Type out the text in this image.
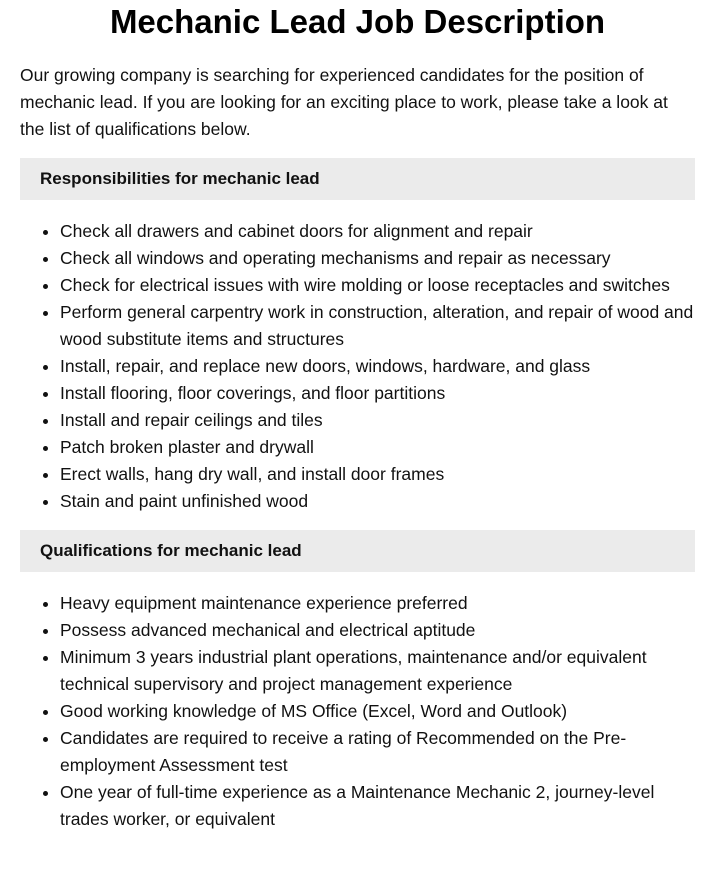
Mechanic Lead Job Description

Our growing company is searching for experienced candidates for the position of mechanic lead. If you are looking for an exciting place to work, please take a look at the list of qualifications below.

Responsibilities for mechanic lead
• Check all drawers and cabinet doors for alignment and repair
• Check all windows and operating mechanisms and repair as necessary
• Check for electrical issues with wire molding or loose receptacles and switches
• Perform general carpentry work in construction, alteration, and repair of wood and wood substitute items and structures
• Install, repair, and replace new doors, windows, hardware, and glass
• Install flooring, floor coverings, and floor partitions
• Install and repair ceilings and tiles
• Patch broken plaster and drywall
• Erect walls, hang dry wall, and install door frames
• Stain and paint unfinished wood
Qualifications for mechanic lead
• Heavy equipment maintenance experience preferred
• Possess advanced mechanical and electrical aptitude
• Minimum 3 years industrial plant operations, maintenance and/or equivalent technical supervisory and project management experience
• Good working knowledge of MS Office (Excel, Word and Outlook)
• Candidates are required to receive a rating of Recommended on the Pre-employment Assessment test
• One year of full-time experience as a Maintenance Mechanic 2, journey-level trades worker, or equivalent
